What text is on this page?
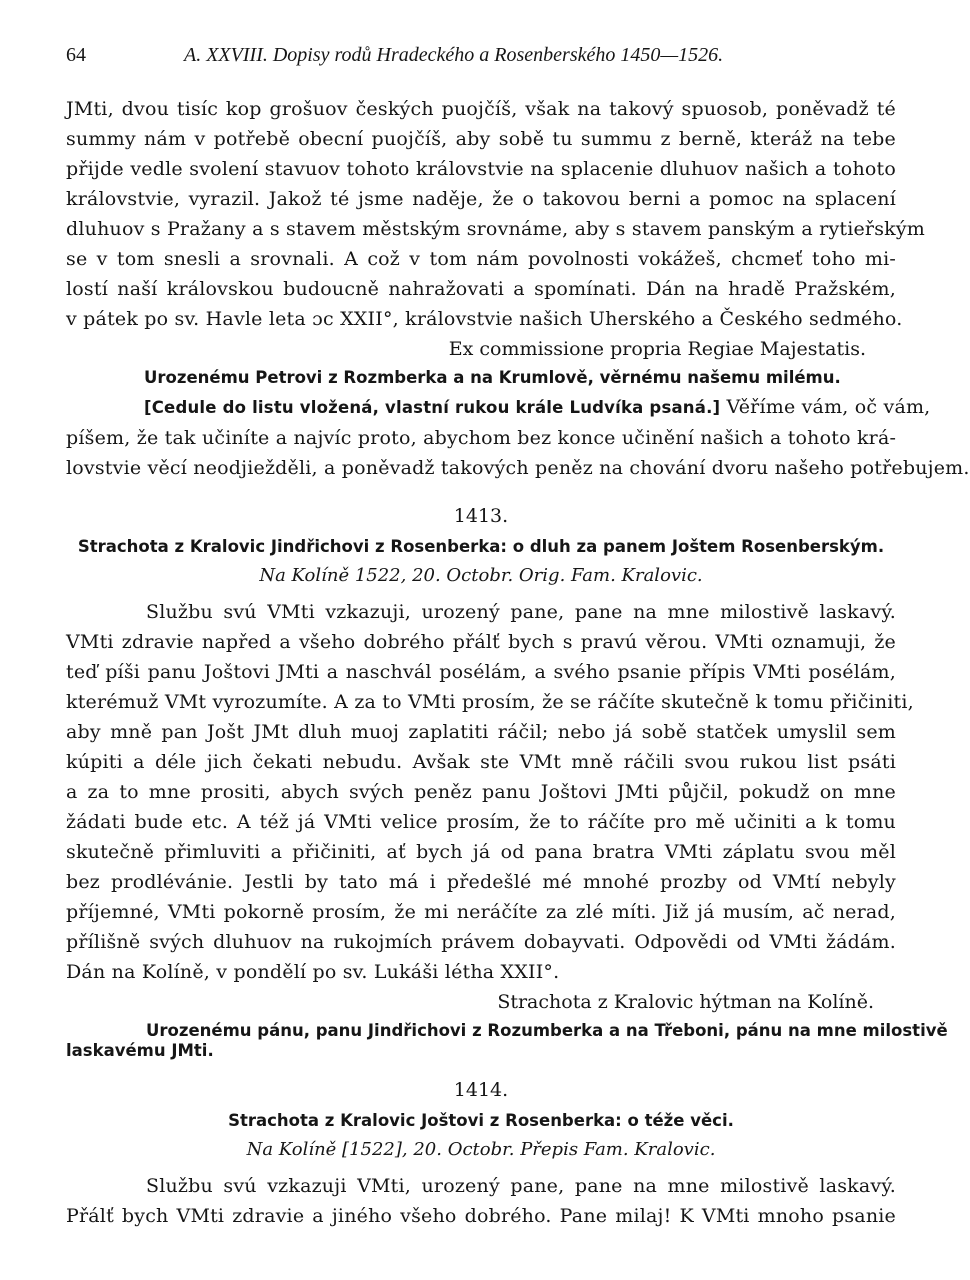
64	A. XXVIII. Dopisy rodů Hradeckého a Rosenberského 1450—1526.
JMti, dvou tisíc kop grošuov českých puojčíš, však na takový spuosob, poněvadž té
summy nám v potřebě obecní puojčíš, aby sobě tu summu z berně, kteráž na tebe
přijde vedle svolení stavuov tohoto královstvie na splacenie dluhuov našich a tohoto
královstvie, vyrazil. Jakož té jsme naděje, že o takovou berni a pomoc na splacení
dluhuov s Pražany a s stavem městským srovnáme, aby s stavem panským a rytieřským
se v tom snesli a srovnali. A což v tom nám povolnosti vokážeš, chcmeť toho mi-
lostí naší královskou budoucně nahražovati a spomínati. Dán na hradě Pražském,
v pátek po sv. Havle leta ɔc XXII°, královstvie našich Uherského a Českého sedmého.
Ex commissione propria Regiae Majestatis.
Urozenému Petrovi z Rozmberka a na Krumlově, věrnému našemu milému.
[Cedule do listu vložená, vlastní rukou krále Ludvíka psaná.] Věříme vám, oč vám,
píšem, že tak učiníte a najvíc proto, abychom bez konce učinění našich a tohoto krá-
lovstvie věcí neodjiežděli, a poněvadž takových peněz na chování dvoru našeho potřebujem.
1413.
Strachota z Kralovic Jindřichovi z Rosenberka: o dluh za panem Joštem Rosenberským.
Na Kolíně 1522, 20. Octobr. Orig. Fam. Kralovic.
Službu svú VMti vzkazuji, urozený pane, pane na mne milostivě laskavý.
VMti zdravie napřed a všeho dobrého přálť bych s pravú věrou. VMti oznamuji, že
teď píši panu Joštovi JMti a naschvál posélám, a svého psanie přípis VMti posélám,
kterémuž VMt vyrozumíte. A za to VMti prosím, že se ráčíte skutečně k tomu přičiniti,
aby mně pan Jošt JMt dluh muoj zaplatiti ráčil; nebo já sobě statček umyslil sem
kúpiti a déle jich čekati nebudu. Avšak ste VMt mně ráčili svou rukou list psáti
a za to mne prositi, abych svých peněz panu Joštovi JMti půjčil, pokudž on mne
žádati bude etc. A též já VMti velice prosím, že to ráčíte pro mě učiniti a k tomu
skutečně přimluviti a přičiniti, ať bych já od pana bratra VMti záplatu svou měl
bez prodlévánie. Jestli by tato má i předešlé mé mnohé prozby od VMtí nebyly
příjemné, VMti pokorně prosím, že mi neráčíte za zlé míti. Již já musím, ač nerad,
přílišně svých dluhuov na rukojmích právem dobayvati. Odpovědi od VMti žádám.
Dán na Kolíně, v pondělí po sv. Lukáši létha XXII°.
Strachota z Kralovic hýtman na Kolíně.
Urozenému pánu, panu Jindřichovi z Rozumberka a na Třeboni, pánu na mne milostivě
laskavému JMti.
1414.
Strachota z Kralovic Joštovi z Rosenberka: o téže věci.
Na Kolíně [1522], 20. Octobr. Přepis Fam. Kralovic.
Službu svú vzkazuji VMti, urozený pane, pane na mne milostivě laskavý.
Přálť bych VMti zdravie a jiného všeho dobrého. Pane milaj! K VMti mnoho psanie
